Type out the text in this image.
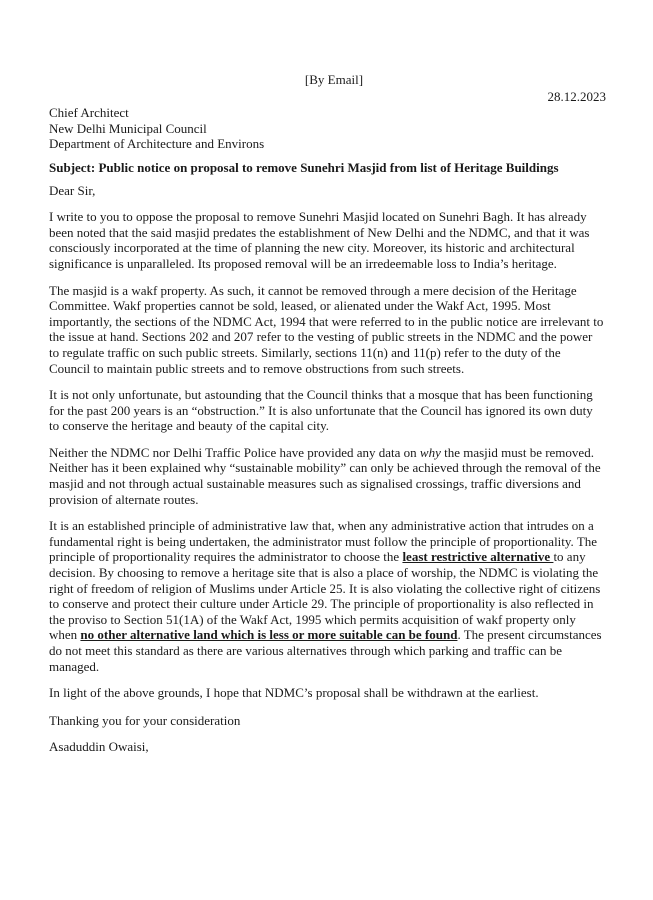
[By Email]

28.12.2023

Chief Architect
New Delhi Municipal Council
Department of Architecture and Environs

Subject: Public notice on proposal to remove Sunehri Masjid from list of Heritage Buildings

Dear Sir,

I write to you to oppose the proposal to remove Sunehri Masjid located on Sunehri Bagh. It has already been noted that the said masjid predates the establishment of New Delhi and the NDMC, and that it was consciously incorporated at the time of planning the new city. Moreover, its historic and architectural significance is unparalleled. Its proposed removal will be an irredeemable loss to India’s heritage.

The masjid is a wakf property. As such, it cannot be removed through a mere decision of the Heritage Committee. Wakf properties cannot be sold, leased, or alienated under the Wakf Act, 1995. Most importantly, the sections of the NDMC Act, 1994 that were referred to in the public notice are irrelevant to the issue at hand. Sections 202 and 207 refer to the vesting of public streets in the NDMC and the power to regulate traffic on such public streets. Similarly, sections 11(n) and 11(p) refer to the duty of the Council to maintain public streets and to remove obstructions from such streets.

It is not only unfortunate, but astounding that the Council thinks that a mosque that has been functioning for the past 200 years is an “obstruction.” It is also unfortunate that the Council has ignored its own duty to conserve the heritage and beauty of the capital city.

Neither the NDMC nor Delhi Traffic Police have provided any data on why the masjid must be removed. Neither has it been explained why “sustainable mobility” can only be achieved through the removal of the masjid and not through actual sustainable measures such as signalised crossings, traffic diversions and provision of alternate routes.

It is an established principle of administrative law that, when any administrative action that intrudes on a fundamental right is being undertaken, the administrator must follow the principle of proportionality. The principle of proportionality requires the administrator to choose the least restrictive alternative to any decision. By choosing to remove a heritage site that is also a place of worship, the NDMC is violating the right of freedom of religion of Muslims under Article 25. It is also violating the collective right of citizens to conserve and protect their culture under Article 29. The principle of proportionality is also reflected in the proviso to Section 51(1A) of the Wakf Act, 1995 which permits acquisition of wakf property only when no other alternative land which is less or more suitable can be found. The present circumstances do not meet this standard as there are various alternatives through which parking and traffic can be managed.

In light of the above grounds, I hope that NDMC’s proposal shall be withdrawn at the earliest.

Thanking you for your consideration

Asaduddin Owaisi,
